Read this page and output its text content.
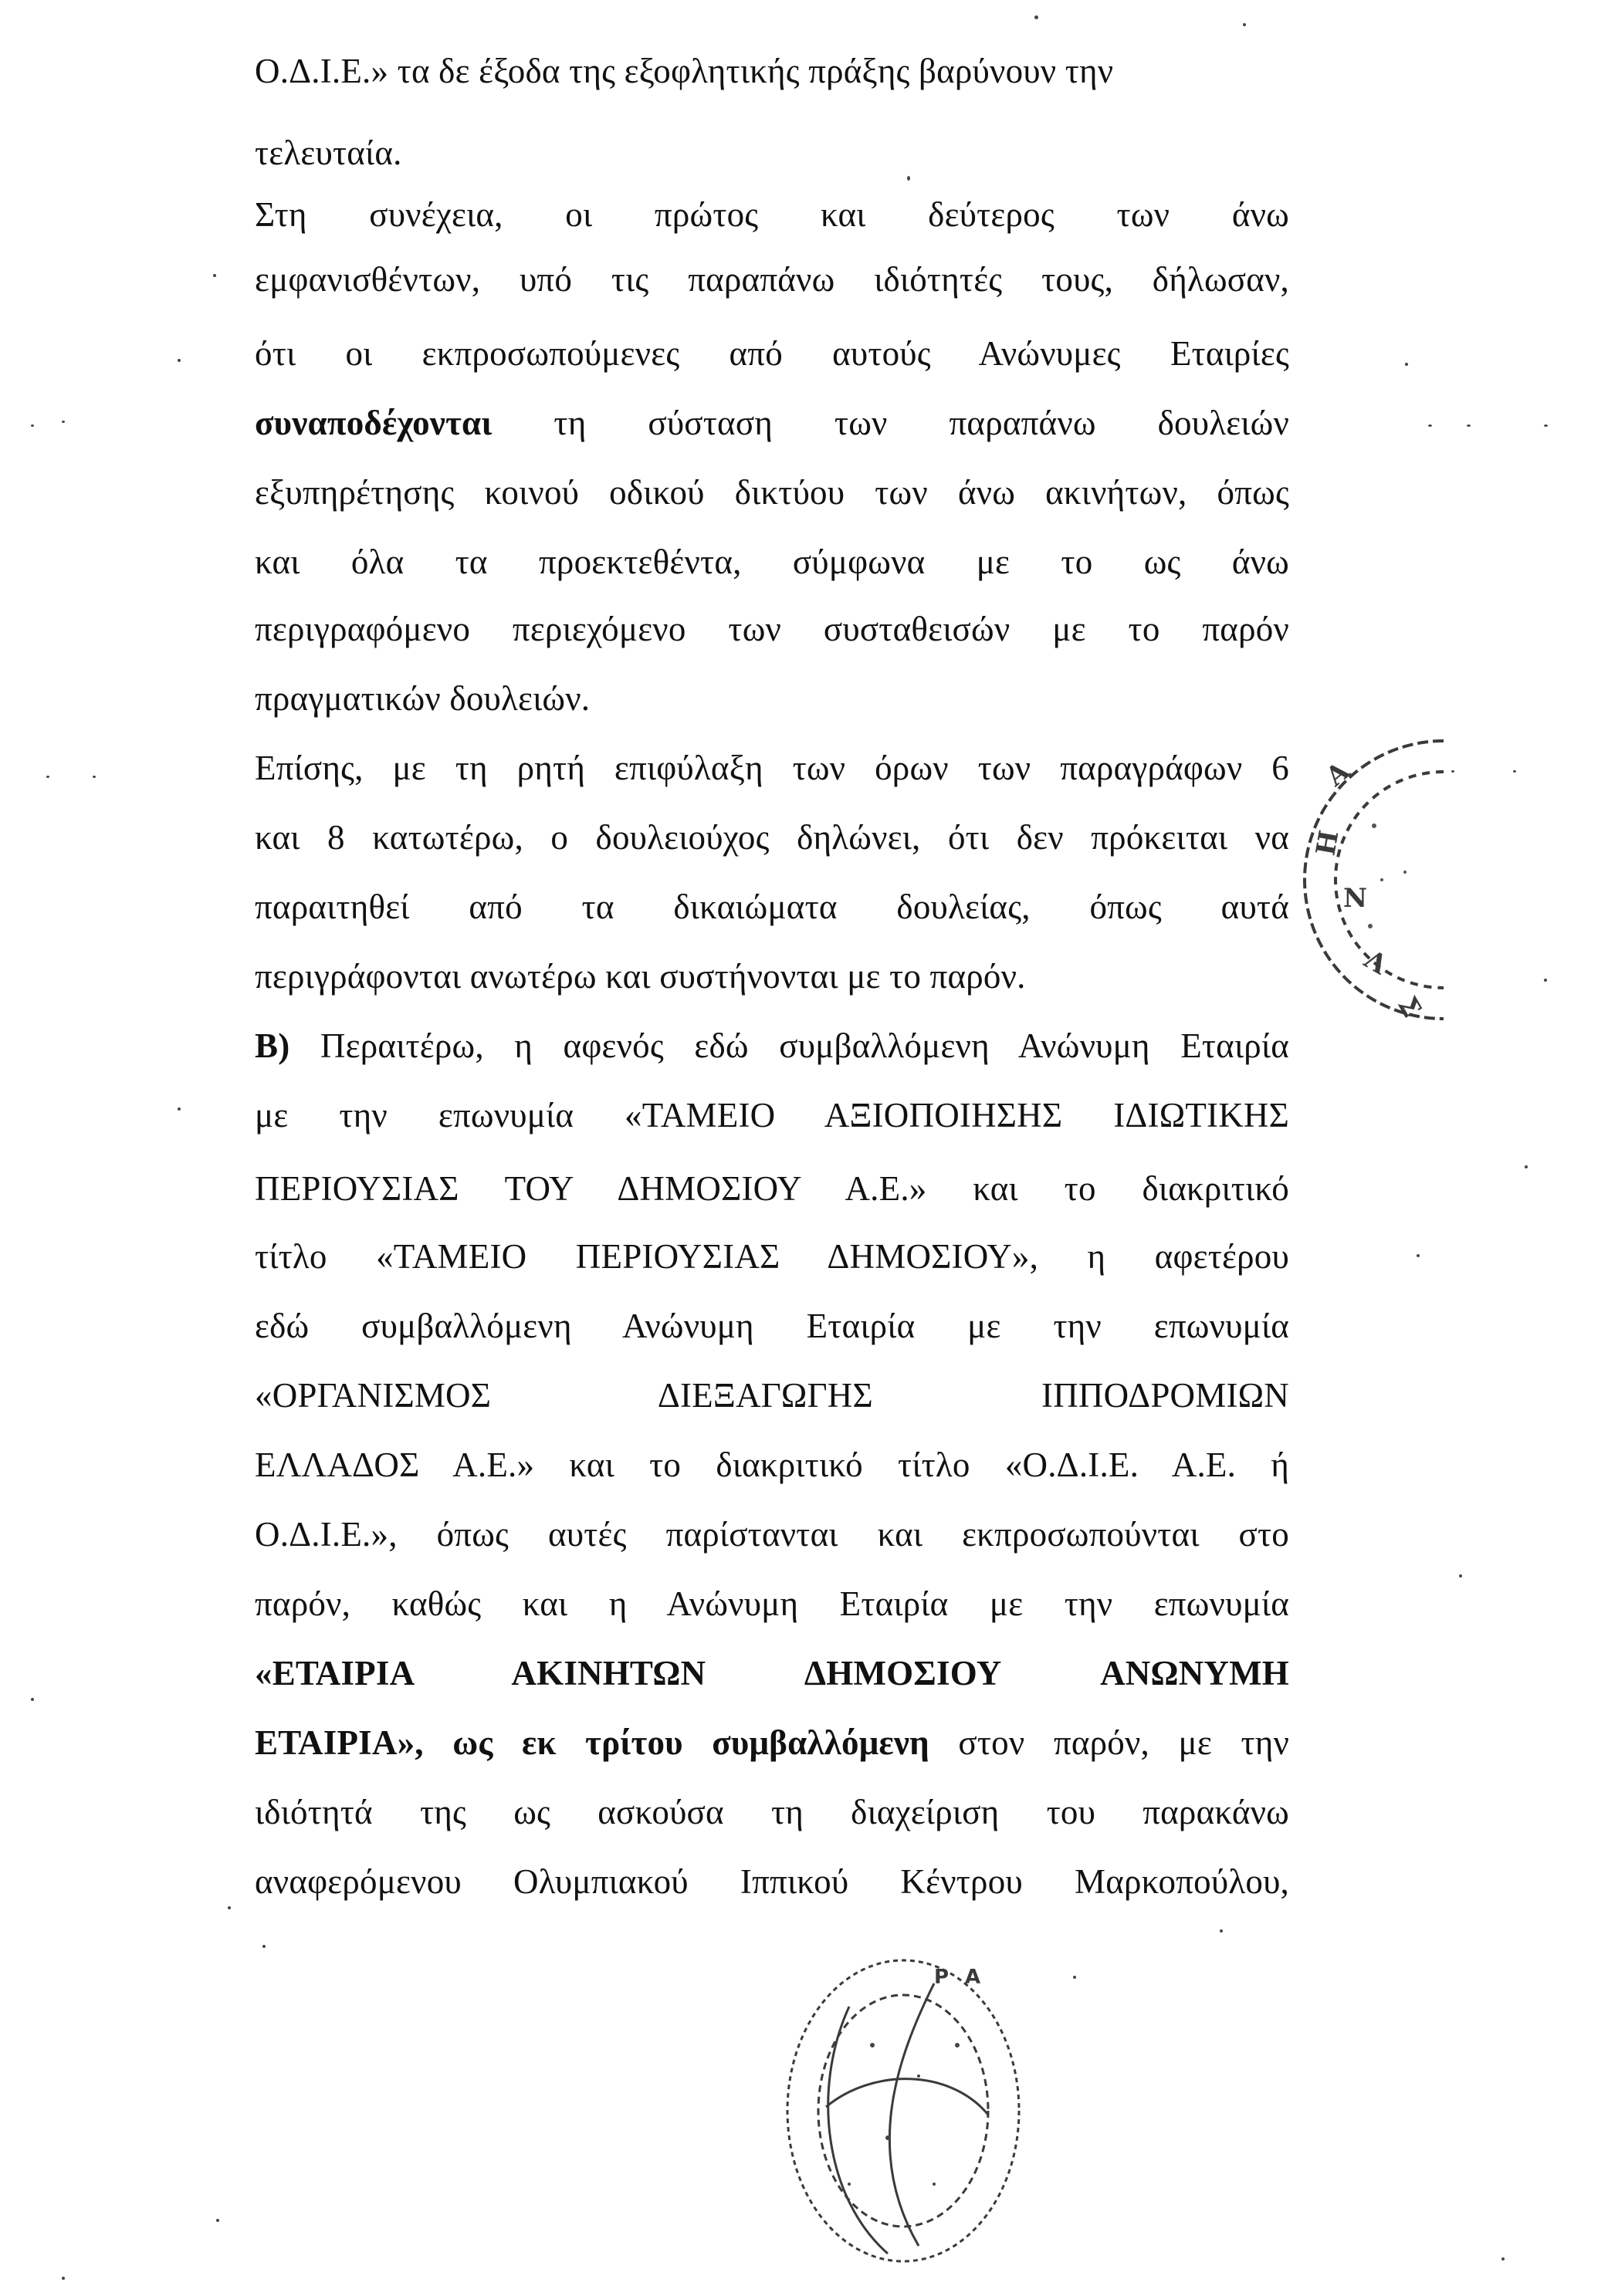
Ο.Δ.Ι.Ε.» τα δε έξοδα της εξοφλητικής πράξης βαρύνουν την
τελευταία.
Στη συνέχεια, οι πρώτος και δεύτερος των άνω
εμφανισθέντων, υπό τις παραπάνω ιδιότητές τους, δήλωσαν,
ότι οι εκπροσωπούμενες από αυτούς Ανώνυμες Εταιρίες
συναποδέχονται τη σύσταση των παραπάνω δουλειών
εξυπηρέτησης κοινού οδικού δικτύου των άνω ακινήτων, όπως
και όλα τα προεκτεθέντα, σύμφωνα με το ως άνω
περιγραφόμενο περιεχόμενο των συσταθεισών με το παρόν
πραγματικών δουλειών.
Επίσης, με τη ρητή επιφύλαξη των όρων των παραγράφων 6
και 8 κατωτέρω, ο δουλειούχος δηλώνει, ότι δεν πρόκειται να
παραιτηθεί από τα δικαιώματα δουλείας, όπως αυτά
περιγράφονται ανωτέρω και συστήνονται με το παρόν.
Β) Περαιτέρω, η αφενός εδώ συμβαλλόμενη Ανώνυμη Εταιρία
με την επωνυμία «ΤΑΜΕΙΟ ΑΞΙΟΠΟΙΗΣΗΣ ΙΔΙΩΤΙΚΗΣ
ΠΕΡΙΟΥΣΙΑΣ ΤΟΥ ΔΗΜΟΣΙΟΥ Α.Ε.» και το διακριτικό
τίτλο «ΤΑΜΕΙΟ ΠΕΡΙΟΥΣΙΑΣ ΔΗΜΟΣΙΟΥ», η αφετέρου
εδώ συμβαλλόμενη Ανώνυμη Εταιρία με την επωνυμία
«ΟΡΓΑΝΙΣΜΟΣ ΔΙΕΞΑΓΩΓΗΣ ΙΠΠΟΔΡΟΜΙΩΝ
ΕΛΛΑΔΟΣ Α.Ε.» και το διακριτικό τίτλο «Ο.Δ.Ι.Ε. Α.Ε. ή
Ο.Δ.Ι.Ε.», όπως αυτές παρίστανται και εκπροσωπούνται στο
παρόν, καθώς και η Ανώνυμη Εταιρία με την επωνυμία
«ΕΤΑΙΡΙΑ ΑΚΙΝΗΤΩΝ ΔΗΜΟΣΙΟΥ ΑΝΩΝΥΜΗ
ΕΤΑΙΡΙΑ», ως εκ τρίτου συμβαλλόμενη στον παρόν, με την
ιδιότητά της ως ασκούσα τη διαχείριση του παρακάνω
αναφερόμενου Ολυμπιακού Ιππικού Κέντρου Μαρκοπούλου,
Α
Η
Ν
Λ
Σ
Ρ Α
